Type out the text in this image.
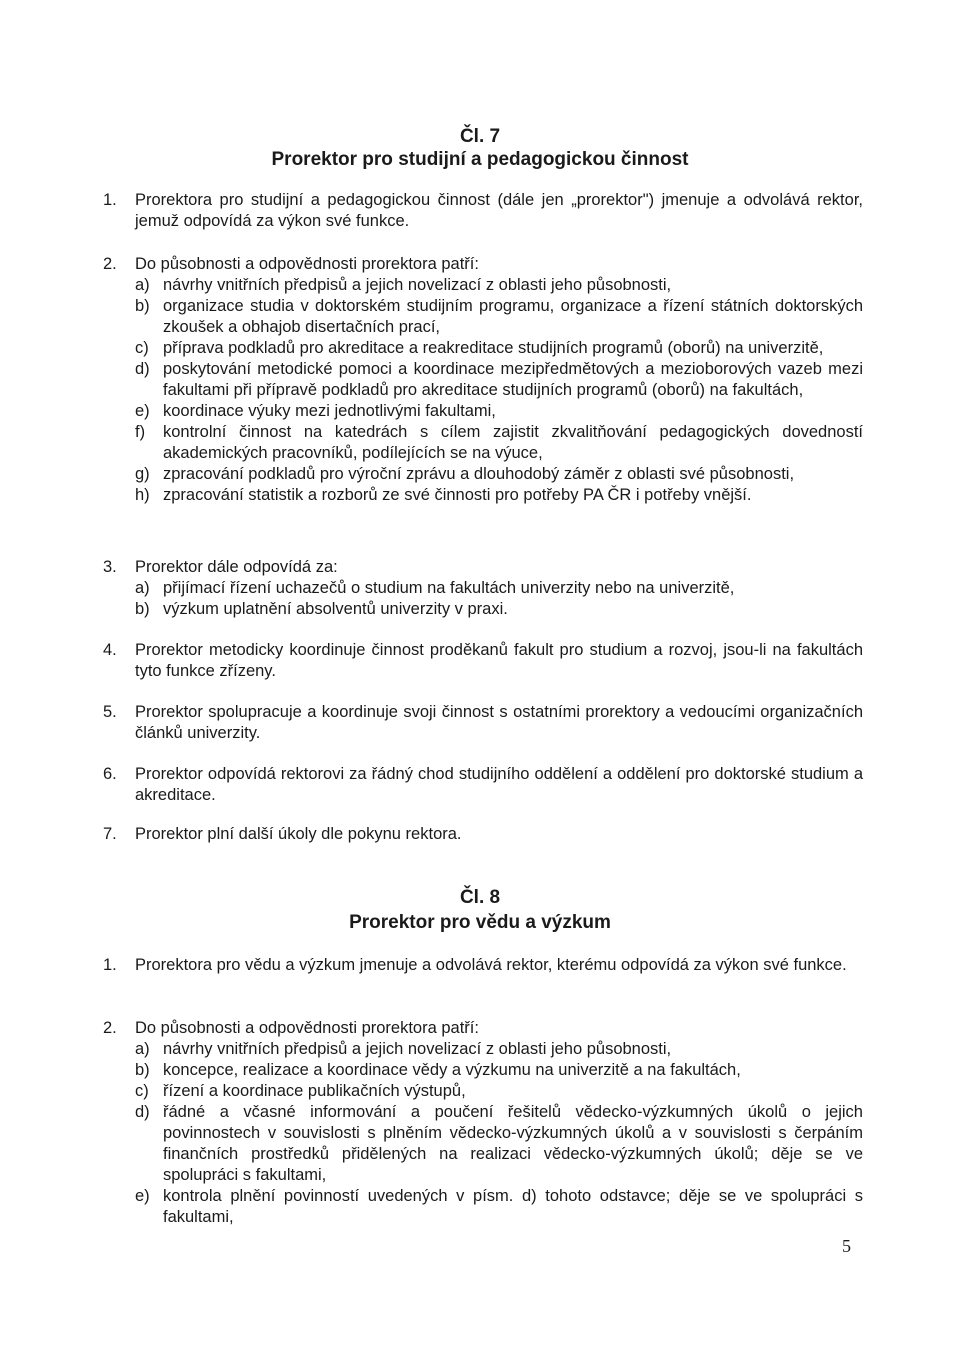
Čl. 7
Prorektor pro studijní a pedagogickou činnost
1. Prorektora pro studijní a pedagogickou činnost (dále jen „prorektor") jmenuje a odvolává rektor, jemuž odpovídá za výkon své funkce.
2. Do působnosti a odpovědnosti prorektora patří:
a) návrhy vnitřních předpisů a jejich novelizací z oblasti jeho působnosti,
b) organizace studia v doktorském studijním programu, organizace a řízení státních doktorských zkoušek a obhajob disertačních prací,
c) příprava podkladů pro akreditace a reakreditace studijních programů (oborů) na univerzitě,
d) poskytování metodické pomoci a koordinace mezipředmětových a mezioborových vazeb mezi fakultami při přípravě podkladů pro akreditace studijních programů (oborů) na fakultách,
e) koordinace výuky mezi jednotlivými fakultami,
f) kontrolní činnost na katedrách s cílem zajistit zkvalitňování pedagogických dovedností akademických pracovníků, podílejících se na výuce,
g) zpracování podkladů pro výroční zprávu a dlouhodobý záměr z oblasti své působnosti,
h) zpracování statistik a rozborů ze své činnosti pro potřeby PA ČR i potřeby vnější.
3. Prorektor dále odpovídá za:
a) přijímací řízení uchazečů o studium na fakultách univerzity nebo na univerzitě,
b) výzkum uplatnění absolventů univerzity v praxi.
4. Prorektor metodicky koordinuje činnost proděkanů fakult pro studium a rozvoj, jsou-li na fakultách tyto funkce zřízeny.
5. Prorektor spolupracuje a koordinuje svoji činnost s ostatními prorektory a vedoucími organizačních článků univerzity.
6. Prorektor odpovídá rektorovi za řádný chod studijního oddělení a oddělení pro doktorské studium a akreditace.
7. Prorektor plní další úkoly dle pokynu rektora.
Čl. 8
Prorektor pro vědu a výzkum
1. Prorektora pro vědu a výzkum jmenuje a odvolává rektor, kterému odpovídá za výkon své funkce.
2. Do působnosti a odpovědnosti prorektora patří:
a) návrhy vnitřních předpisů a jejich novelizací z oblasti jeho působnosti,
b) koncepce, realizace a koordinace vědy a výzkumu na univerzitě a na fakultách,
c) řízení a koordinace publikačních výstupů,
d) řádné a včasné informování a poučení řešitelů vědecko-výzkumných úkolů o jejich povinnostech v souvislosti s plněním vědecko-výzkumných úkolů a v souvislosti s čerpáním finančních prostředků přidělených na realizaci vědecko-výzkumných úkolů; děje se ve spolupráci s fakultami,
e) kontrola plnění povinností uvedených v písm. d) tohoto odstavce; děje se ve spolupráci s fakultami,
5
